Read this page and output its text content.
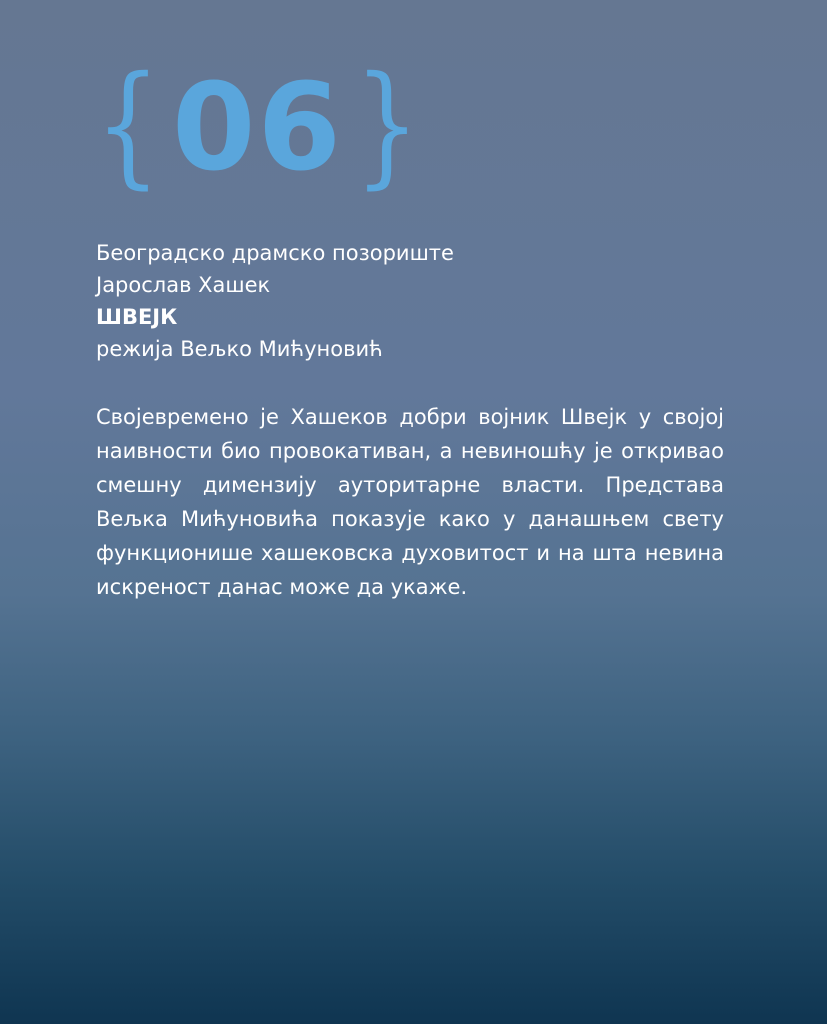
{ 06 }
Београдско драмско позориште
Јарослав Хашек
ШВЕЈК
режија Вељко Мићуновић
Својевремено је Хашеков добри војник Швејк у својој наивности био провокативан, а невиношћу је откривао смешну димензију ауторитарне власти. Представа Вељка Мићуновића показује како у данашњем свету функционише хашековска духовитост и на шта невина искреност данас може да укаже.
